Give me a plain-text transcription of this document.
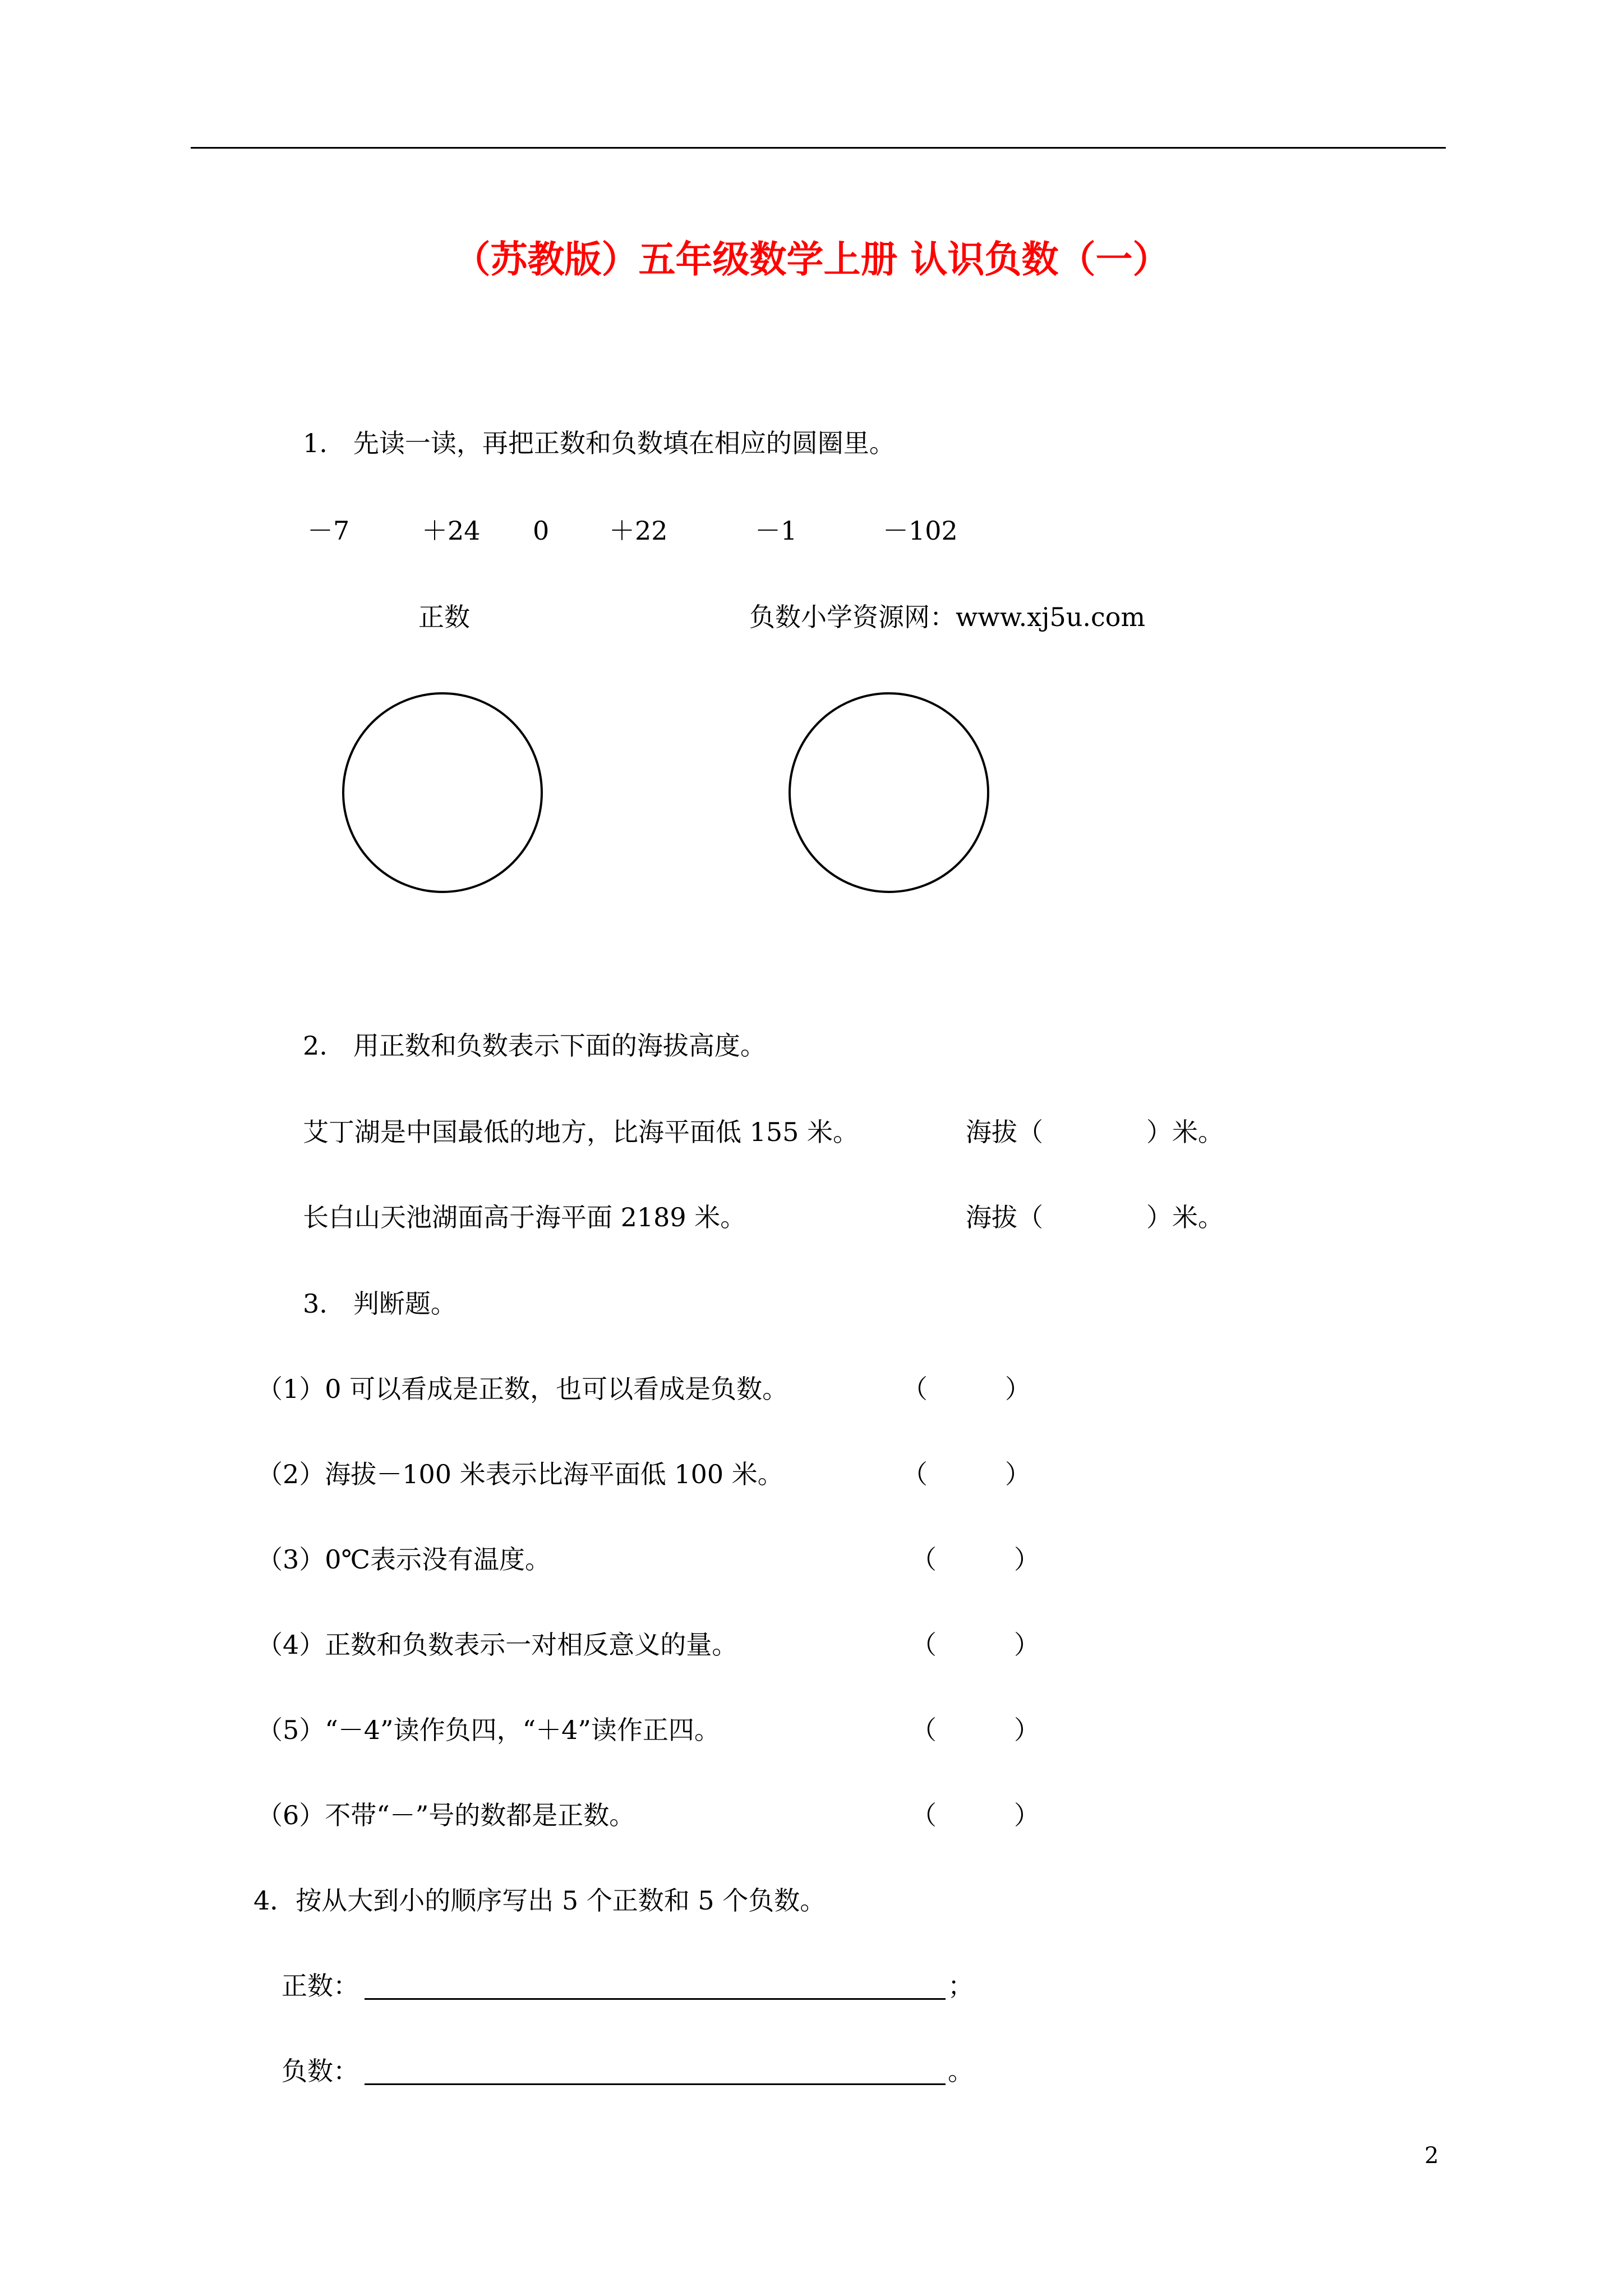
（苏教版）五年级数学上册 认识负数（一）
1.　先读一读，再把正数和负数填在相应的圆圈里。
－7	＋24 0 ＋22	－1	－102
正数	负数小学资源网：www.xj5u.com
2.　用正数和负数表示下面的海拔高度。
艾丁湖是中国最低的地方，比海平面低 155 米。	海拔（　　　　）米。
长白山天池湖面高于海平面 2189 米。	海拔（　　　　）米。
3.　判断题。
（1）0 可以看成是正数，也可以看成是负数。	（　　　）
（2）海拔－100 米表示比海平面低 100 米。	（　　　）
（3）0℃表示没有温度。	（　　　）
（4）正数和负数表示一对相反意义的量。	（　　　）
（5）“－4”读作负四，“＋4”读作正四。	（　　　）
（6）不带“－”号的数都是正数。	（　　　）
4．按从大到小的顺序写出 5 个正数和 5 个负数。
正数：	；
负数：	。
2
